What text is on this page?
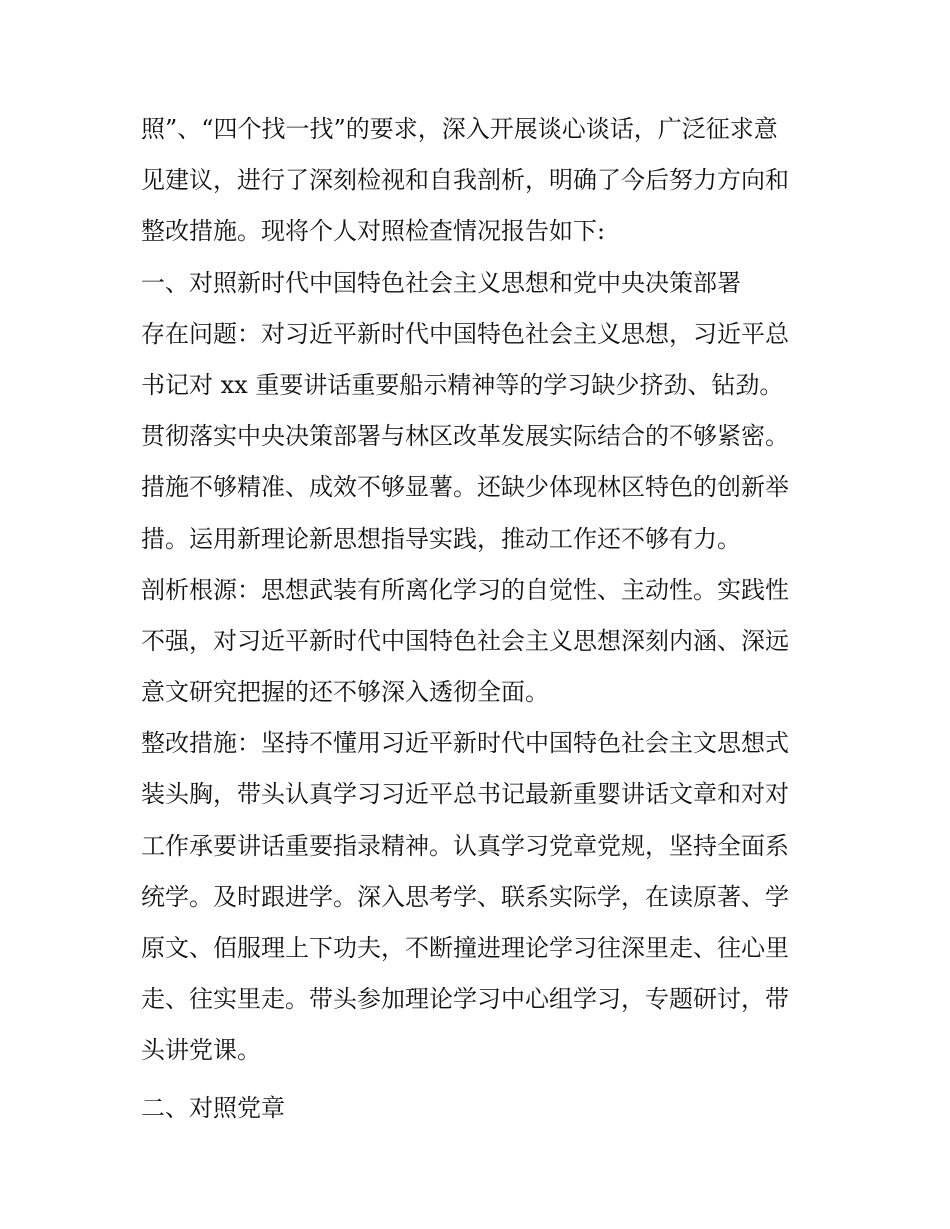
照”、“四个找一找”的要求，深入开展谈心谈话，广泛征求意
见建议，进行了深刻检视和自我剖析，明确了今后努力方向和
整改措施。现将个人对照检查情况报告如下:
一、对照新时代中国特色社会主义思想和党中央决策部署
存在问题：对习近平新时代中国特色社会主义思想，习近平总
书记对 xx 重要讲话重要船示精神等的学习缺少挤劲、钻劲。
贯彻落实中央决策部署与林区改革发展实际结合的不够紧密。
措施不够精准、成效不够显薯。还缺少体现林区特色的创新举
措。运用新理论新思想指导实践，推动工作还不够有力。
剖析根源：思想武装有所离化学习的自觉性、主动性。实践性
不强，对习近平新时代中国特色社会主义思想深刻内涵、深远
意文研究把握的还不够深入透彻全面。
整改措施：坚持不懂用习近平新时代中国特色社会主文思想式
装头胸，带头认真学习习近平总书记最新重婴讲话文章和对对
工作承要讲话重要指录精神。认真学习党章党规，坚持全面系
统学。及时跟进学。深入思考学、联系实际学，在读原著、学
原文、佰服理上下功夫，不断撞进理论学习往深里走、往心里
走、往实里走。带头参加理论学习中心组学习，专题研讨，带
头讲党课。
二、对照党章
